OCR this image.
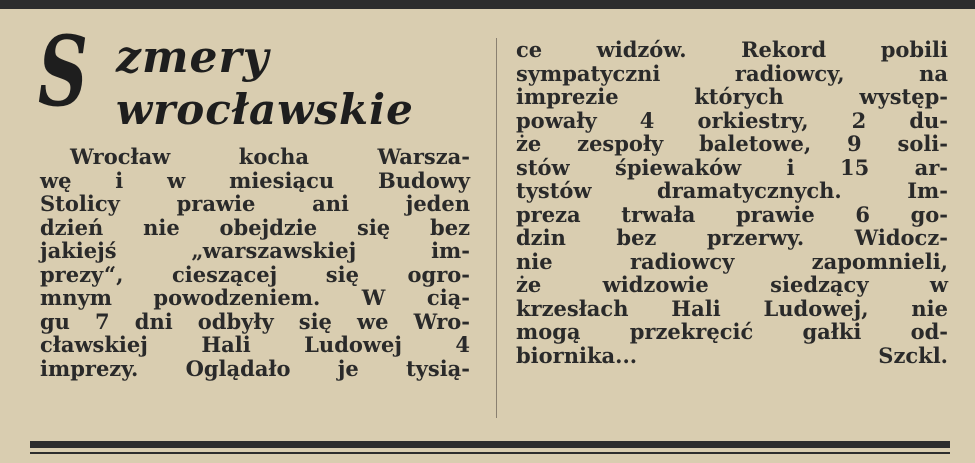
S zmery
wrocławskie
Wrocław kocha Warsza-
wę i w miesiącu Budowy
Stolicy prawie ani jeden
dzień nie obejdzie się bez
jakiejś „warszawskiej im-
prezy“, cieszącej się ogro-
mnym powodzeniem. W cią-
gu 7 dni odbyły się we Wro-
cławskiej Hali Ludowej 4
imprezy. Oglądało je tysią-
ce widzów. Rekord pobili
sympatyczni radiowcy, na
imprezie których występ-
powały 4 orkiestry, 2 du-
że zespoły baletowe, 9 soli-
stów śpiewaków i 15 ar-
tystów dramatycznych. Im-
preza trwała prawie 6 go-
dzin bez przerwy. Widocz-
nie radiowcy zapomnieli,
że widzowie siedzący w
krzesłach Hali Ludowej, nie
mogą przekręcić gałki od-
biornika...	Szckl.
